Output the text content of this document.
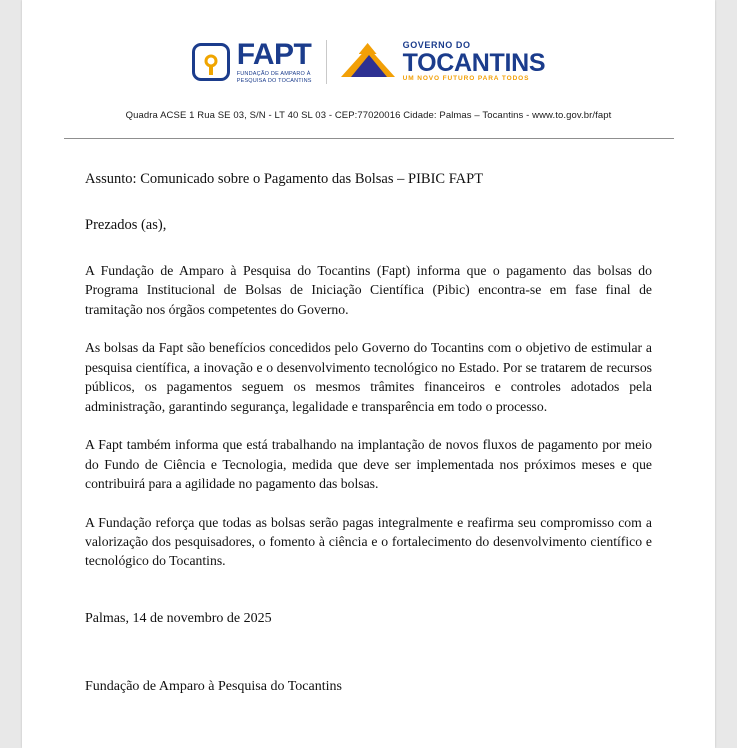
FAPT
FUNDAÇÃO DE AMPARO À
PESQUISA DO TOCANTINS
GOVERNO DO
TOCANTINS
UM NOVO FUTURO PARA TODOS
Quadra ACSE 1 Rua SE 03, S/N - LT 40 SL 03 - CEP:77020016 Cidade: Palmas – Tocantins - www.to.gov.br/fapt
Assunto: Comunicado sobre o Pagamento das Bolsas – PIBIC FAPT
Prezados (as),

A Fundação de Amparo à Pesquisa do Tocantins (Fapt) informa que o pagamento das bolsas do Programa Institucional de Bolsas de Iniciação Científica (Pibic) encontra-se em fase final de tramitação nos órgãos competentes do Governo.

As bolsas da Fapt são benefícios concedidos pelo Governo do Tocantins com o objetivo de estimular a pesquisa científica, a inovação e o desenvolvimento tecnológico no Estado. Por se tratarem de recursos públicos, os pagamentos seguem os mesmos trâmites financeiros e controles adotados pela administração, garantindo segurança, legalidade e transparência em todo o processo.

A Fapt também informa que está trabalhando na implantação de novos fluxos de pagamento por meio do Fundo de Ciência e Tecnologia, medida que deve ser implementada nos próximos meses e que contribuirá para a agilidade no pagamento das bolsas.

A Fundação reforça que todas as bolsas serão pagas integralmente e reafirma seu compromisso com a valorização dos pesquisadores, o fomento à ciência e o fortalecimento do desenvolvimento científico e tecnológico do Tocantins.

Palmas, 14 de novembro de 2025
Fundação de Amparo à Pesquisa do Tocantins
